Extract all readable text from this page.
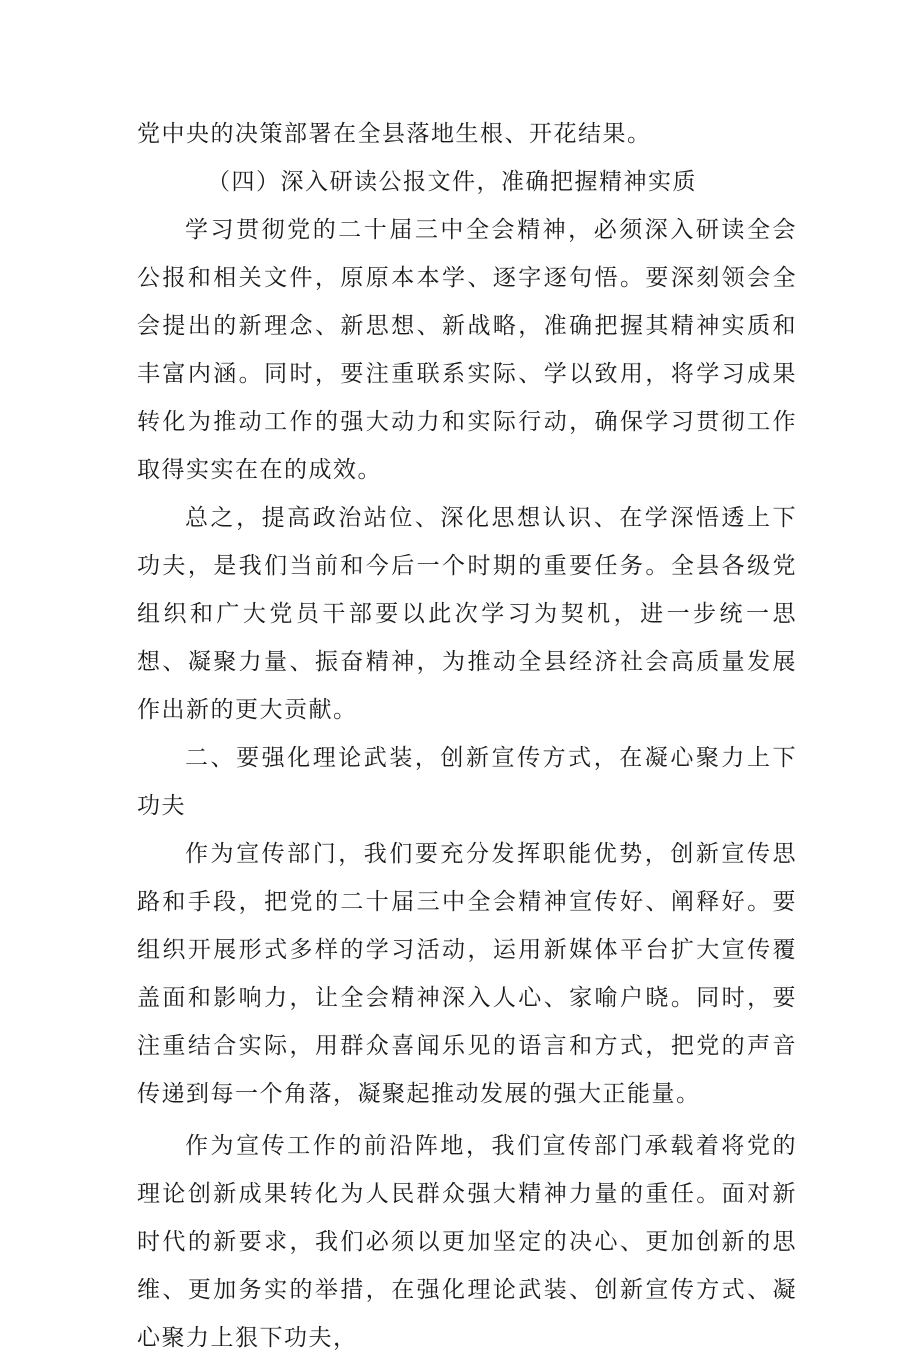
党中央的决策部署在全县落地生根、开花结果。

（四）深入研读公报文件，准确把握精神实质

学习贯彻党的二十届三中全会精神，必须深入研读全会公报和相关文件，原原本本学、逐字逐句悟。要深刻领会全会提出的新理念、新思想、新战略，准确把握其精神实质和丰富内涵。同时，要注重联系实际、学以致用，将学习成果转化为推动工作的强大动力和实际行动，确保学习贯彻工作取得实实在在的成效。

总之，提高政治站位、深化思想认识、在学深悟透上下功夫，是我们当前和今后一个时期的重要任务。全县各级党组织和广大党员干部要以此次学习为契机，进一步统一思想、凝聚力量、振奋精神，为推动全县经济社会高质量发展作出新的更大贡献。

二、要强化理论武装，创新宣传方式，在凝心聚力上下功夫

作为宣传部门，我们要充分发挥职能优势，创新宣传思路和手段，把党的二十届三中全会精神宣传好、阐释好。要组织开展形式多样的学习活动，运用新媒体平台扩大宣传覆盖面和影响力，让全会精神深入人心、家喻户晓。同时，要注重结合实际，用群众喜闻乐见的语言和方式，把党的声音传递到每一个角落，凝聚起推动发展的强大正能量。

作为宣传工作的前沿阵地，我们宣传部门承载着将党的理论创新成果转化为人民群众强大精神力量的重任。面对新时代的新要求，我们必须以更加坚定的决心、更加创新的思维、更加务实的举措，在强化理论武装、创新宣传方式、凝心聚力上狠下功夫，
